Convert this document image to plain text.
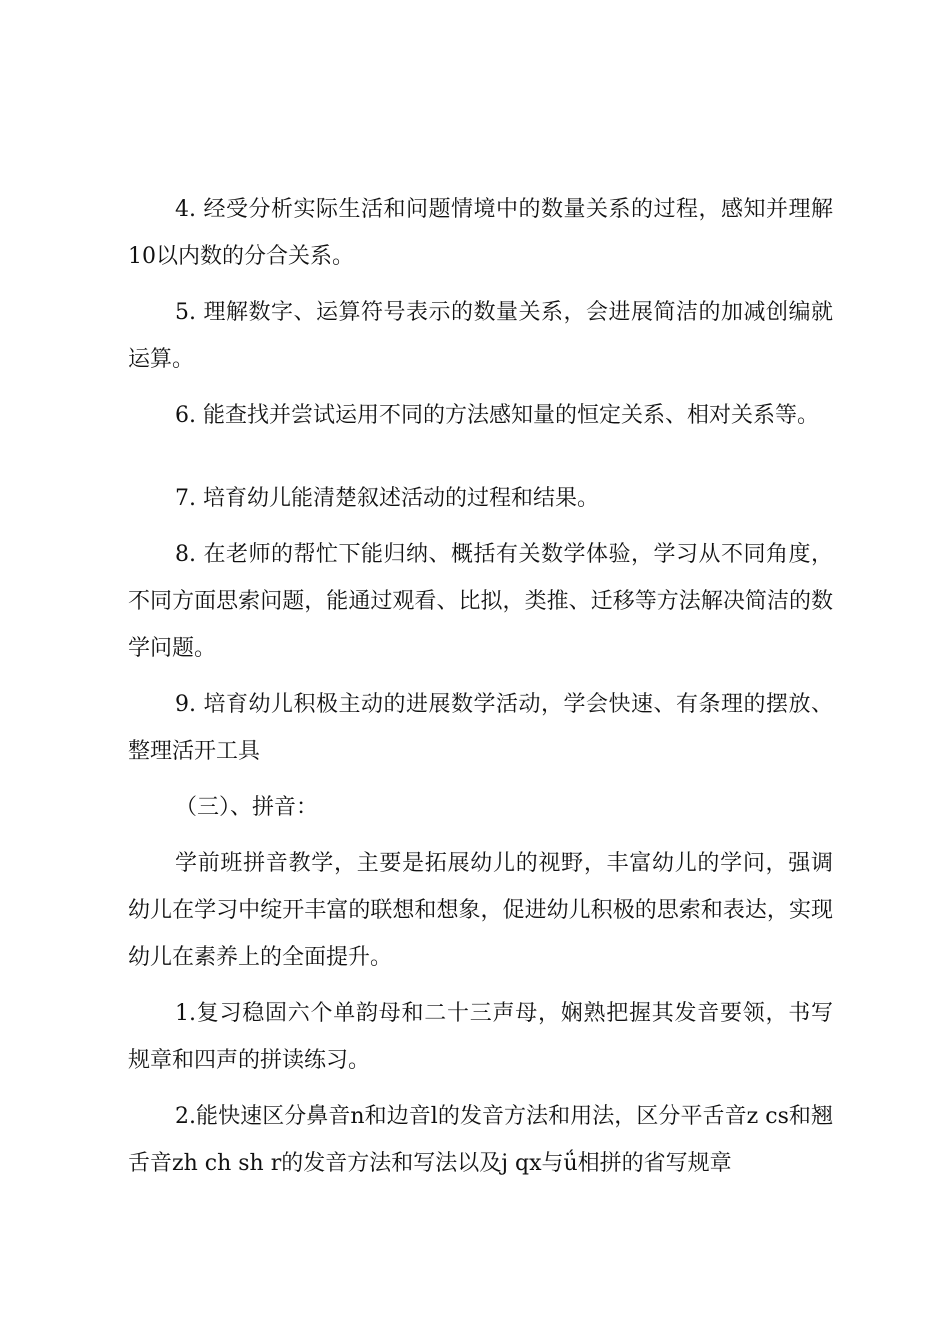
4. 经受分析实际生活和问题情境中的数量关系的过程，感知并理解10以内数的分合关系。

5. 理解数字、运算符号表示的数量关系，会进展简洁的加减创编就运算。

6. 能查找并尝试运用不同的方法感知量的恒定关系、相对关系等。

7. 培育幼儿能清楚叙述活动的过程和结果。

8. 在老师的帮忙下能归纳、概括有关数学体验，学习从不同角度，不同方面思索问题，能通过观看、比拟，类推、迁移等方法解决简洁的数学问题。

9. 培育幼儿积极主动的进展数学活动，学会快速、有条理的摆放、整理活开工具

（三）、拼音：

学前班拼音教学，主要是拓展幼儿的视野，丰富幼儿的学问，强调幼儿在学习中绽开丰富的联想和想象，促进幼儿积极的思索和表达，实现幼儿在素养上的全面提升。

1.复习稳固六个单韵母和二十三声母，娴熟把握其发音要领，书写规章和四声的拼读练习。

2.能快速区分鼻音n和边音l的发音方法和用法，区分平舌音z cs和翘舌音zh ch sh r的发音方法和写法以及j qx与ǘ相拼的省写规章
